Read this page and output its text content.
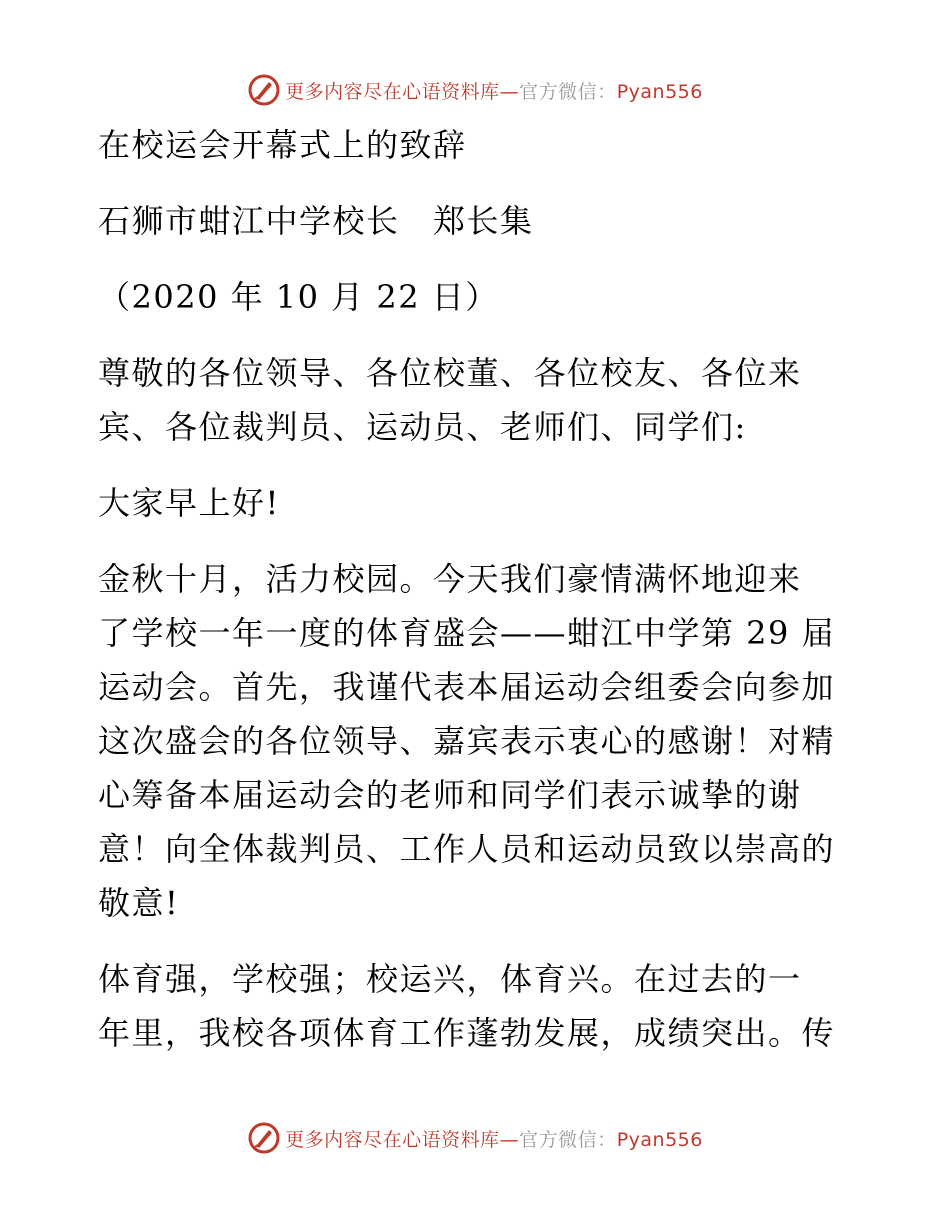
更多内容尽在心语资料库—官方微信：Pyan556
在校运会开幕式上的致辞
石狮市蚶江中学校长　郑长集
（2020 年 10 月 22 日）
尊敬的各位领导、各位校董、各位校友、各位来
宾、各位裁判员、运动员、老师们、同学们:
大家早上好!
金秋十月，活力校园。今天我们豪情满怀地迎来
了学校一年一度的体育盛会——蚶江中学第 29 届
运动会。首先，我谨代表本届运动会组委会向参加
这次盛会的各位领导、嘉宾表示衷心的感谢！对精
心筹备本届运动会的老师和同学们表示诚挚的谢
意！向全体裁判员、工作人员和运动员致以崇高的
敬意!
体育强，学校强；校运兴，体育兴。在过去的一
年里，我校各项体育工作蓬勃发展，成绩突出。传
更多内容尽在心语资料库—官方微信：Pyan556
